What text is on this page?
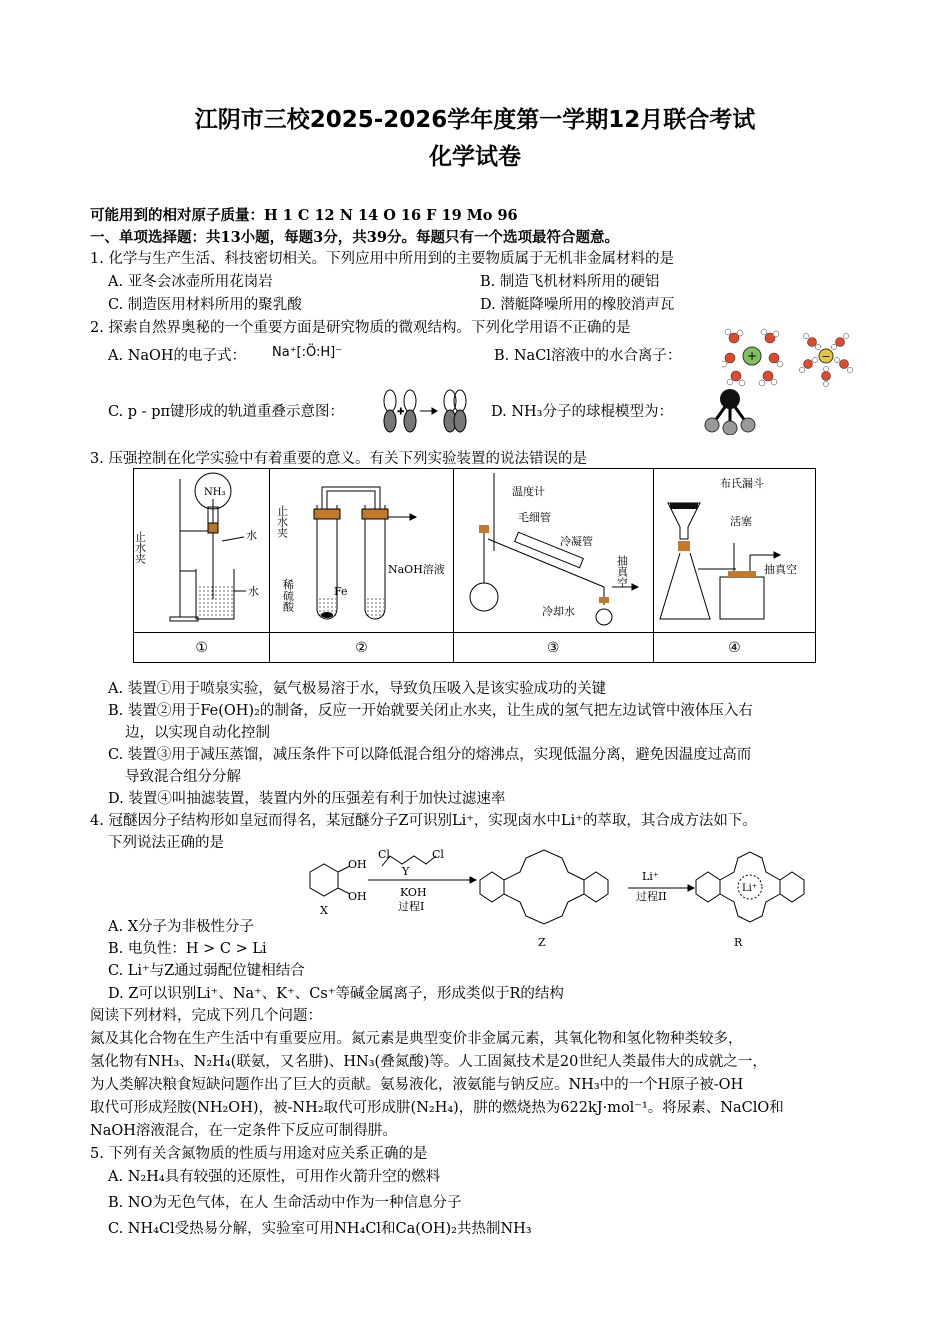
江阴市三校2025-2026学年度第一学期12月联合考试
化学试卷
可能用到的相对原子质量：H 1 C 12 N 14 O 16 F 19 Mo 96
一、单项选择题：共13小题，每题3分，共39分。每题只有一个选项最符合题意。
1. 化学与生产生活、科技密切相关。下列应用中所用到的主要物质属于无机非金属材料的是
A. 亚冬会冰壶所用花岗岩	B. 制造飞机材料所用的硬铝
C. 制造医用材料所用的聚乳酸	D. 潜艇降噪所用的橡胶消声瓦
2. 探索自然界奥秘的一个重要方面是研究物质的微观结构。下列化学用语不正确的是
A. NaOH的电子式： Na⁺[:Ö:H]⁻	B. NaCl溶液中的水合离子：	+	−
C. p - pπ键形成的轨道重叠示意图：	+	D. NH₃分子的球棍模型为：
3. 压强控制在化学实验中有着重要的意义。有关下列实验装置的说法错误的是
NH₃
止水夹 水
水	止水夹
稀硫酸 Fe
NaOH溶液	温度计
毛细管
冷凝管
冷却水
抽真空	布氏漏斗
活塞
抽真空

①	②	③	④
A. 装置①用于喷泉实验，氨气极易溶于水，导致负压吸入是该实验成功的关键
B. 装置②用于Fe(OH)₂的制备，反应一开始就要关闭止水夹，让生成的氢气把左边试管中液体压入右
边，以实现自动化控制
C. 装置③用于减压蒸馏，减压条件下可以降低混合组分的熔沸点，实现低温分离，避免因温度过高而
导致混合组分分解
D. 装置④叫抽滤装置，装置内外的压强差有利于加快过滤速率
4. 冠醚因分子结构形如皇冠而得名，某冠醚分子Z可识别Li⁺，实现卤水中Li⁺的萃取，其合成方法如下。
下列说法正确的是
OH
OH
X
Cl	Cl
Y
KOH
过程I
Z
Li⁺
过程II
Li⁺
R
A. X分子为非极性分子
B. 电负性：H > C > Li
C. Li⁺与Z通过弱配位键相结合
D. Z可以识别Li⁺、Na⁺、K⁺、Cs⁺等碱金属离子，形成类似于R的结构
阅读下列材料，完成下列几个问题：
氮及其化合物在生产生活中有重要应用。氮元素是典型变价非金属元素，其氧化物和氢化物种类较多，
氢化物有NH₃、N₂H₄(联氨，又名肼)、HN₃(叠氮酸)等。人工固氮技术是20世纪人类最伟大的成就之一，
为人类解决粮食短缺问题作出了巨大的贡献。氨易液化，液氨能与钠反应。NH₃中的一个H原子被-OH
取代可形成羟胺(NH₂OH)，被-NH₂取代可形成肼(N₂H₄)，肼的燃烧热为622kJ·mol⁻¹。将尿素、NaClO和
NaOH溶液混合，在一定条件下反应可制得肼。
5. 下列有关含氮物质的性质与用途对应关系正确的是
A. N₂H₄具有较强的还原性，可用作火箭升空的燃料
B. NO为无色气体，在人 生命活动中作为一种信息分子
C. NH₄Cl受热易分解，实验室可用NH₄Cl和Ca(OH)₂共热制NH₃
